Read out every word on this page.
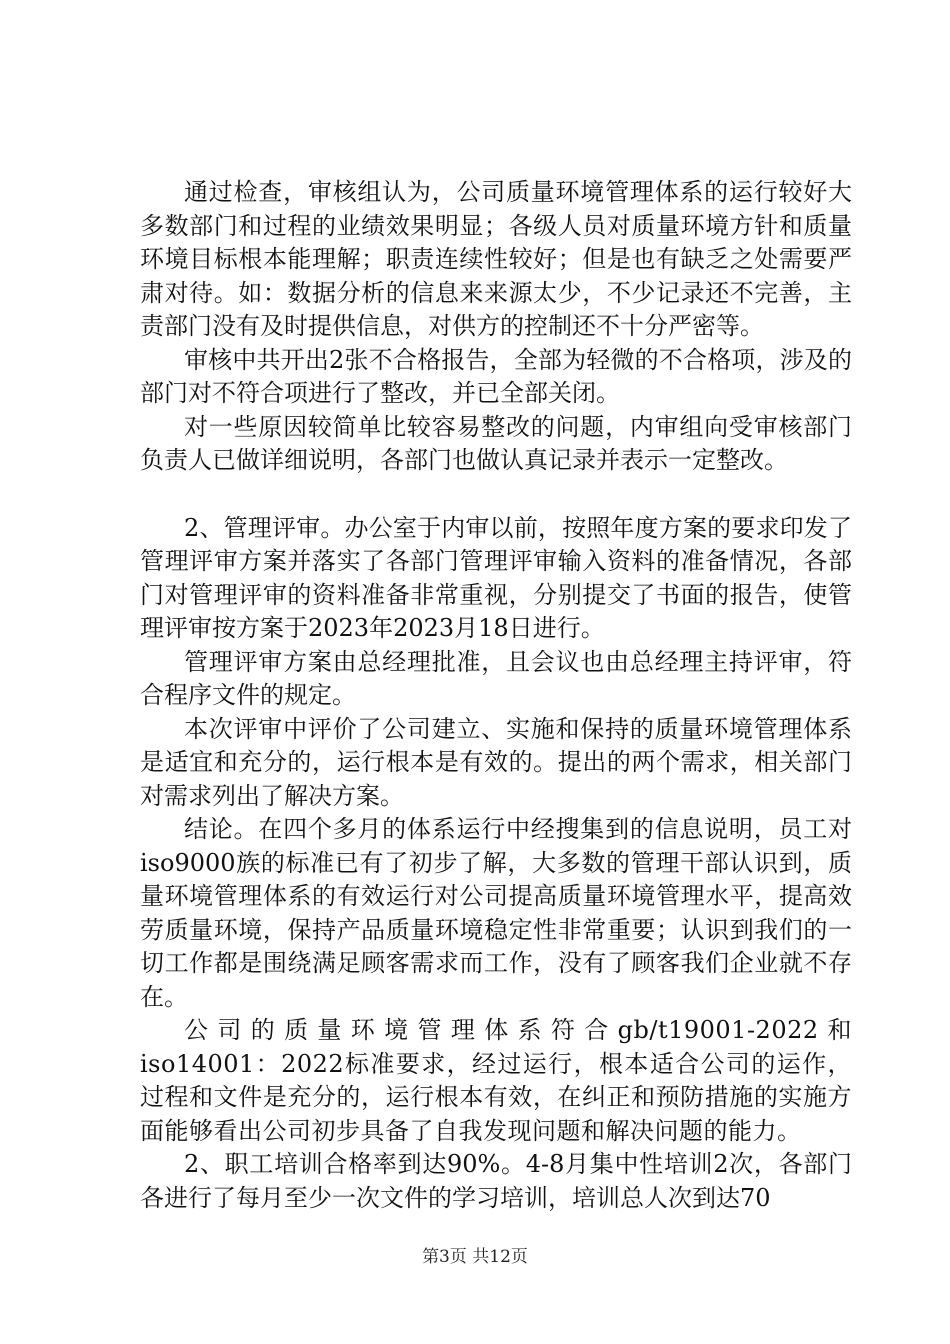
通过检查，审核组认为，公司质量环境管理体系的运行较好大多数部门和过程的业绩效果明显；各级人员对质量环境方针和质量环境目标根本能理解；职责连续性较好；但是也有缺乏之处需要严肃对待。如：数据分析的信息来来源太少，不少记录还不完善，主责部门没有及时提供信息，对供方的控制还不十分严密等。

审核中共开出2张不合格报告，全部为轻微的不合格项，涉及的部门对不符合项进行了整改，并已全部关闭。

对一些原因较简单比较容易整改的问题，内审组向受审核部门负责人已做详细说明，各部门也做认真记录并表示一定整改。

2、管理评审。办公室于内审以前，按照年度方案的要求印发了管理评审方案并落实了各部门管理评审输入资料的准备情况，各部门对管理评审的资料准备非常重视，分别提交了书面的报告，使管理评审按方案于2023年2023月18日进行。

管理评审方案由总经理批准，且会议也由总经理主持评审，符合程序文件的规定。

本次评审中评价了公司建立、实施和保持的质量环境管理体系是适宜和充分的，运行根本是有效的。提出的两个需求，相关部门对需求列出了解决方案。

结论。在四个多月的体系运行中经搜集到的信息说明，员工对iso9000族的标准已有了初步了解，大多数的管理干部认识到，质量环境管理体系的有效运行对公司提高质量环境管理水平，提高效劳质量环境，保持产品质量环境稳定性非常重要；认识到我们的一切工作都是围绕满足顾客需求而工作，没有了顾客我们企业就不存在。

公司的质量环境管理体系符合gb/t19001-2022和iso14001：2022标准要求，经过运行，根本适合公司的运作，过程和文件是充分的，运行根本有效，在纠正和预防措施的实施方面能够看出公司初步具备了自我发现问题和解决问题的能力。

2、职工培训合格率到达90%。4-8月集中性培训2次，各部门各进行了每月至少一次文件的学习培训，培训总人次到达70

第3页 共12页
